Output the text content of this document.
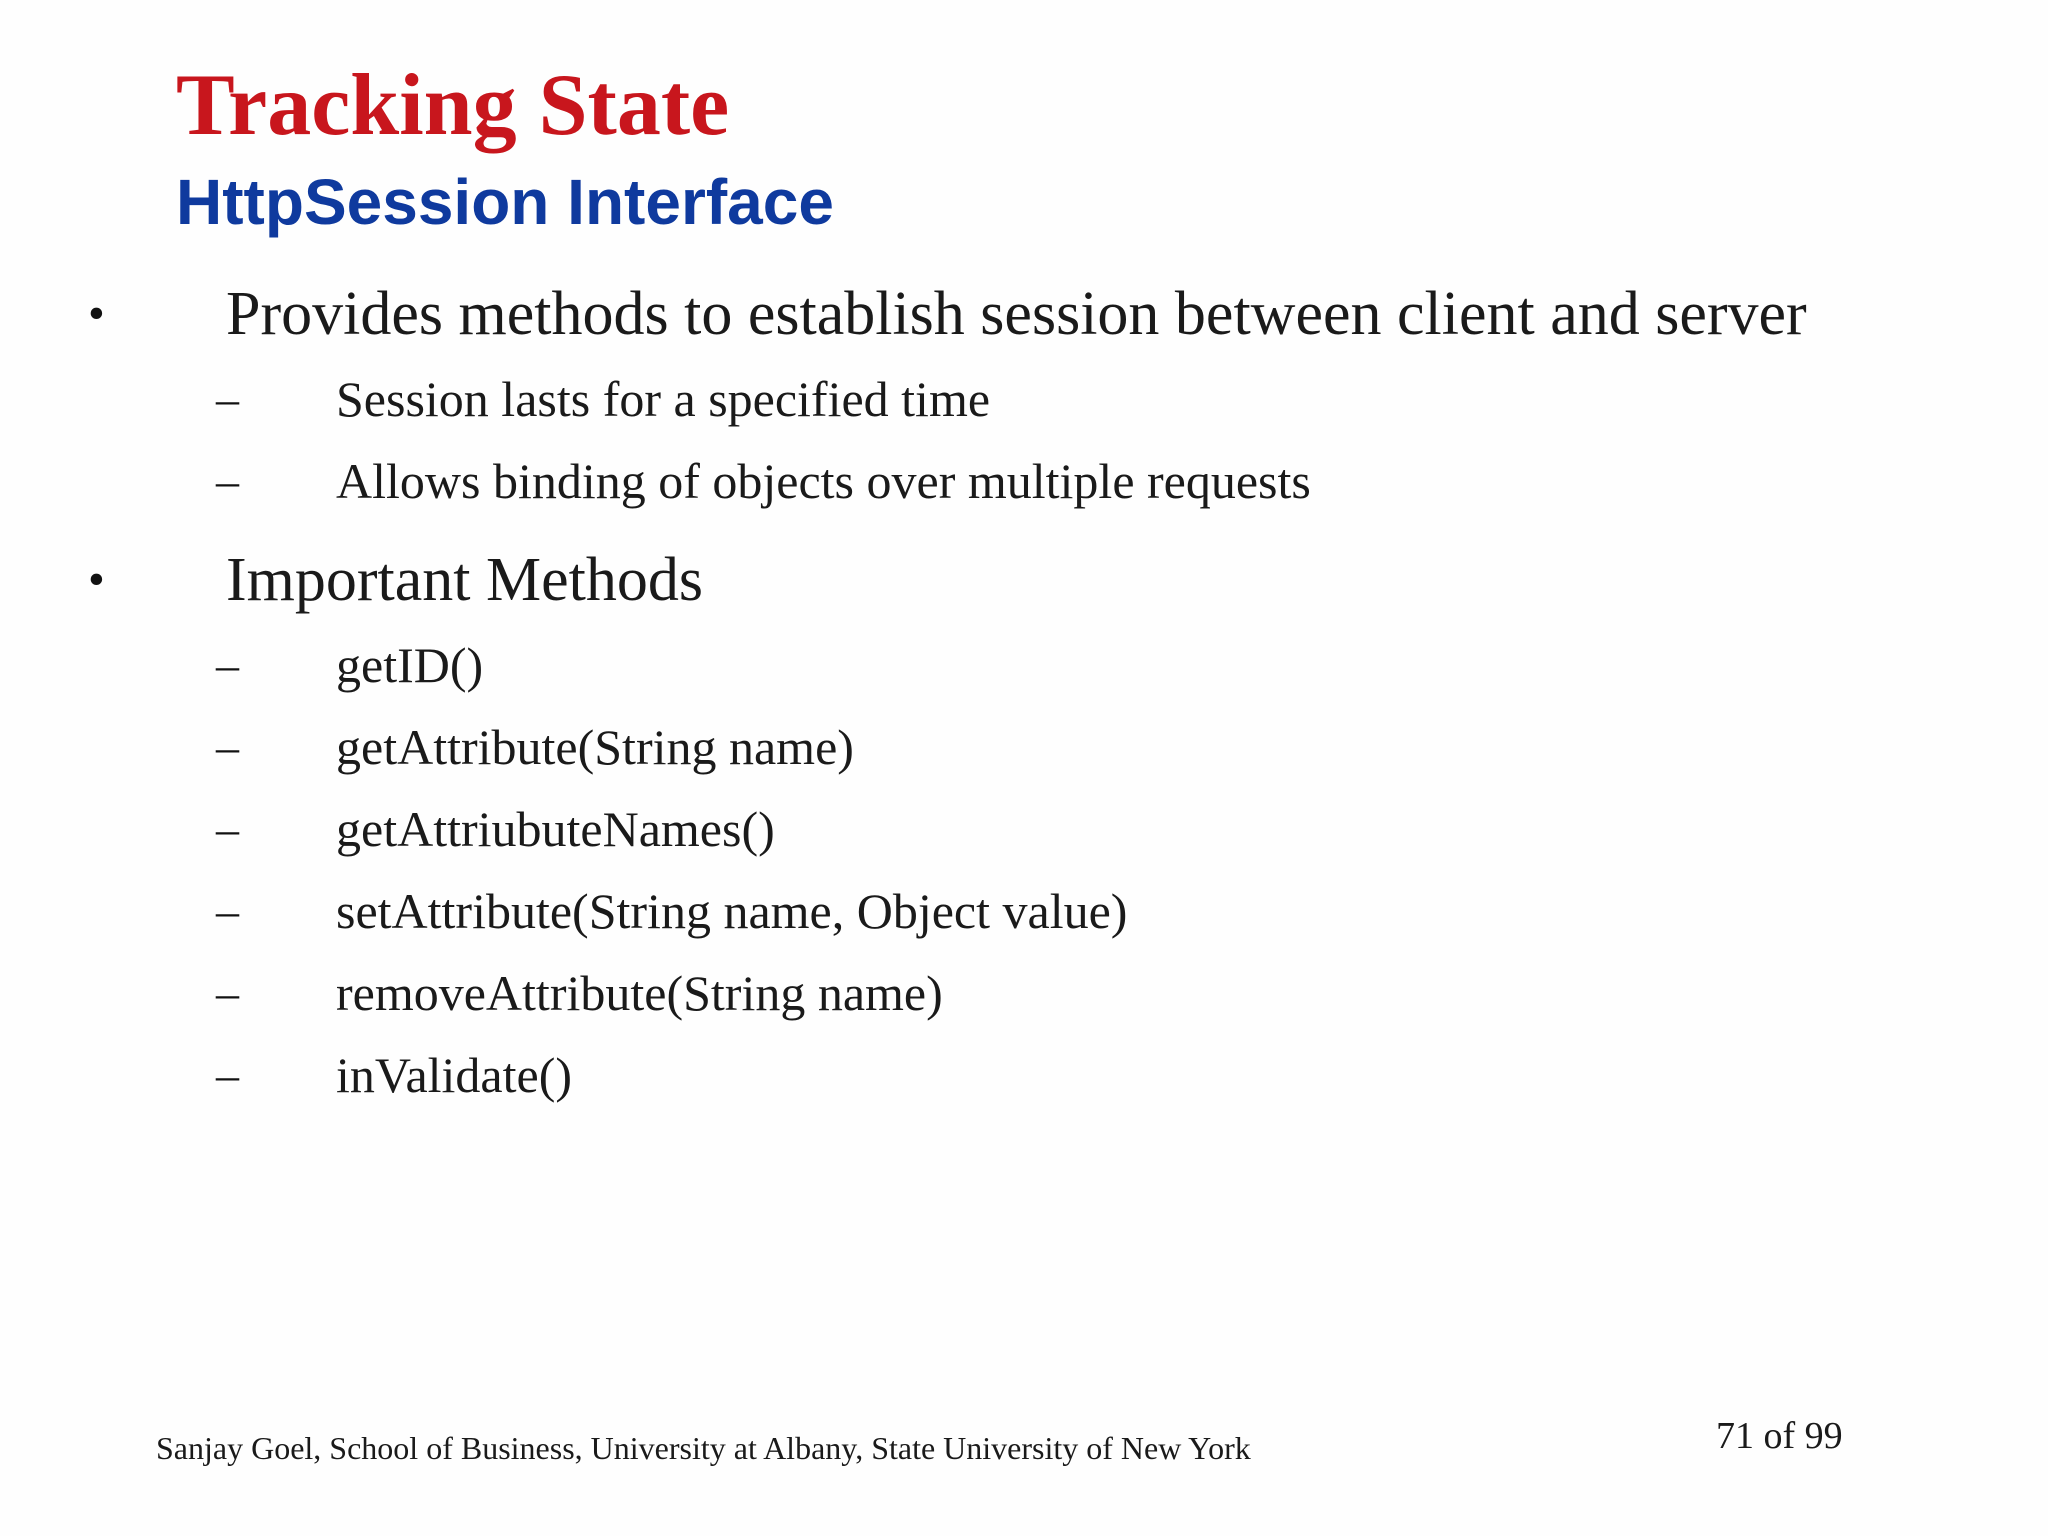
Tracking State
HttpSession Interface
• Provides methods to establish session between client and server
– Session lasts for a specified time
– Allows binding of objects over multiple requests
• Important Methods
– getID()
– getAttribute(String name)
– getAttriubuteNames()
– setAttribute(String name, Object value)
– removeAttribute(String name)
– inValidate()
Sanjay Goel, School of Business, University at Albany, State University of New York	71 of 99
